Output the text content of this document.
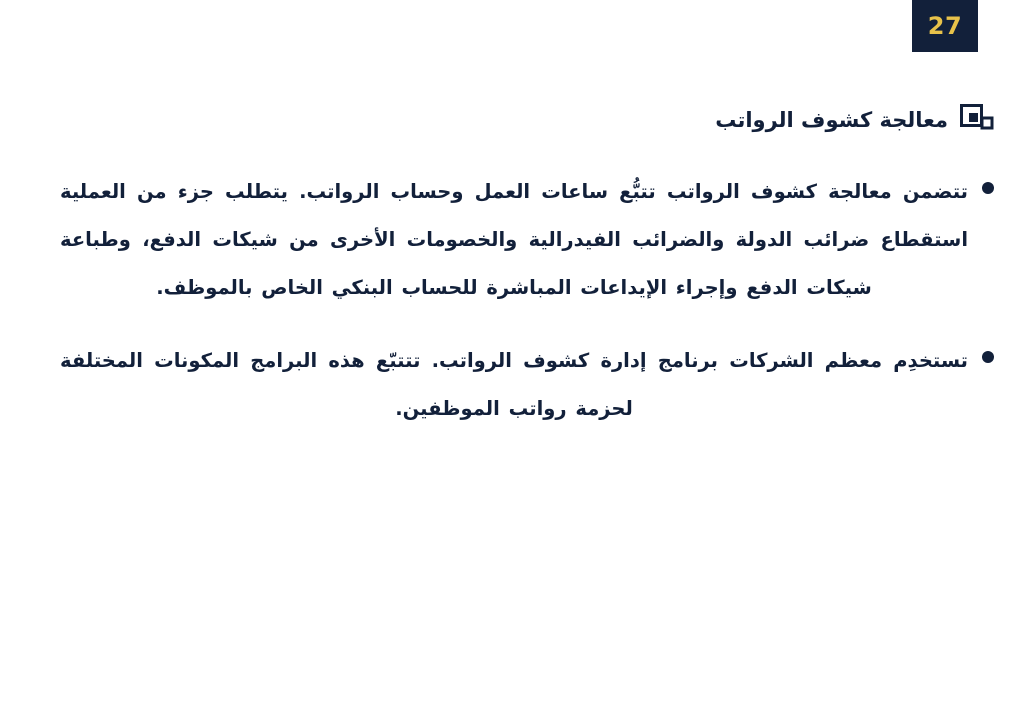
27
معالجة كشوف الرواتب
تتضمن معالجة كشوف الرواتب تتبُّع ساعات العمل وحساب الرواتب. يتطلب جزء من العملية استقطاع ضرائب الدولة والضرائب الفيدرالية والخصومات الأخرى من شيكات الدفع، وطباعة شيكات الدفع وإجراء الإيداعات المباشرة للحساب البنكي الخاص بالموظف.
تستخدِم معظم الشركات برنامج إدارة كشوف الرواتب. تتتبّع هذه البرامج المكونات المختلفة لحزمة رواتب الموظفين.
